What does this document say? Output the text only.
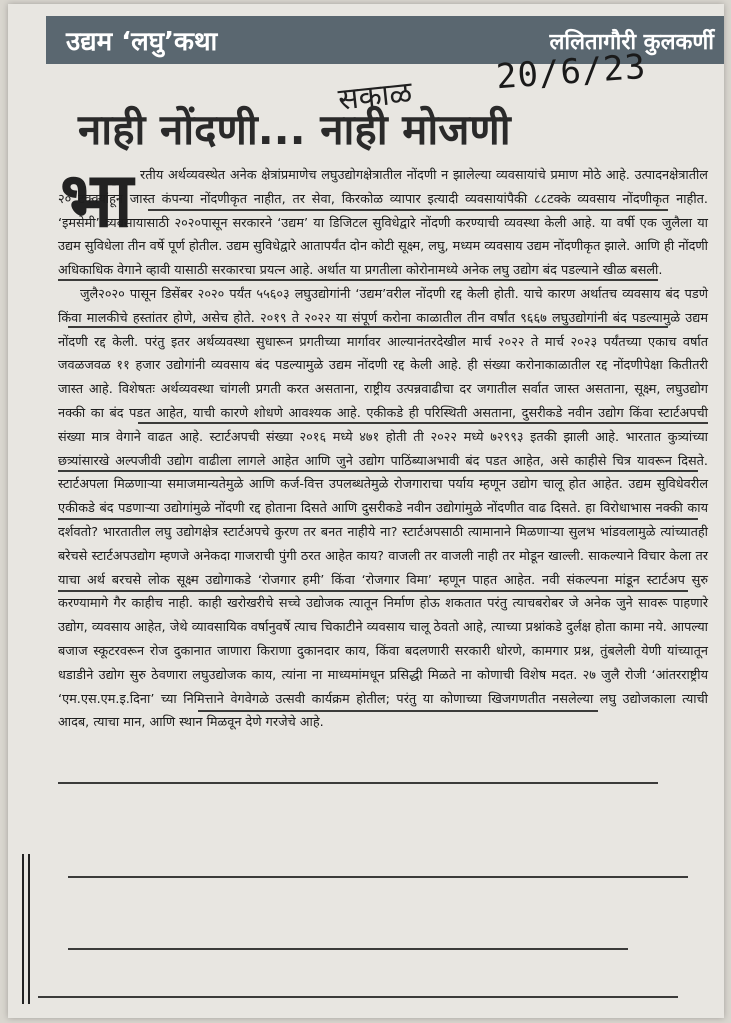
उद्यम ‘लघु’कथा	ललितागौरी कुलकर्णी
20/6/23
सकाळ
नाही नोंदणी... नाही मोजणी
भा रतीय अर्थव्यवस्थेत अनेक क्षेत्रांप्रमाणेच लघुउद्योगक्षेत्रातील नोंदणी न झालेल्या व्यवसायांचे प्रमाण मोठे आहे. उत्पादनक्षेत्रातील २० टक्क्यांहून जास्त कंपन्या नोंदणीकृत नाहीत, तर सेवा, किरकोळ व्यापार इत्यादी व्यवसायांपैकी ८८टक्के व्यवसाय नोंदणीकृत नाहीत. ‘इमसेमी’ व्यवसायासाठी २०२०पासून सरकारने ‘उद्यम’ या डिजिटल सुविधेद्वारे नोंदणी करण्याची व्यवस्था केली आहे. या वर्षी एक जुलैला या उद्यम सुविधेला तीन वर्षे पूर्ण होतील. उद्यम सुविधेद्वारे आतापर्यंत दोन कोटी सूक्ष्म, लघु, मध्यम व्यवसाय उद्यम नोंदणीकृत झाले. आणि ही नोंदणी अधिकाधिक वेगाने व्हावी यासाठी सरकारचा प्रयत्न आहे. अर्थात या प्रगतीला कोरोनामध्ये अनेक लघु उद्योग बंद पडल्याने खीळ बसली.

जुलै२०२० पासून डिसेंबर २०२० पर्यंत ५५६०३ लघुउद्योगांनी ‘उद्यम’वरील नोंदणी रद्द केली होती. याचे कारण अर्थातच व्यवसाय बंद पडणे किंवा मालकीचे हस्तांतर होणे, असेच होते. २०१९ ते २०२२ या संपूर्ण करोना काळातील तीन वर्षांत ९६६७ लघुउद्योगांनी बंद पडल्यामुळे उद्यम नोंदणी रद्द केली. परंतु इतर अर्थव्यवस्था सुधारून प्रगतीच्या मार्गावर आल्यानंतरदेखील मार्च २०२२ ते मार्च २०२३ पर्यंतच्या एकाच वर्षात जवळजवळ ११ हजार उद्योगांनी व्यवसाय बंद पडल्यामुळे उद्यम नोंदणी रद्द केली आहे. ही संख्या करोनाकाळातील रद्द नोंदणीपेक्षा कितीतरी जास्त आहे. विशेषतः अर्थव्यवस्था चांगली प्रगती करत असताना, राष्ट्रीय उत्पन्नवाढीचा दर जगातील सर्वात जास्त असताना, सूक्ष्म, लघुउद्योग नक्की का बंद पडत आहेत, याची कारणे शोधणे आवश्यक आहे. एकीकडे ही परिस्थिती असताना, दुसरीकडे नवीन उद्योग किंवा स्टार्टअपची संख्या मात्र वेगाने वाढत आहे. स्टार्टअपची संख्या २०१६ मध्ये ४७१ होती ती २०२२ मध्ये ७२९९३ इतकी झाली आहे. भारतात कुत्र्यांच्या छत्र्यांसारखे अल्पजीवी उद्योग वाढीला लागले आहेत आणि जुने उद्योग पाठिंब्याअभावी बंद पडत आहेत, असे काहीसे चित्र यावरून दिसते. स्टार्टअपला मिळणाऱ्या समाजमान्यतेमुळे आणि कर्ज-वित्त उपलब्धतेमुळे रोजगाराचा पर्याय म्हणून उद्योग चालू होत आहेत. उद्यम सुविधेवरील एकीकडे बंद पडणाऱ्या उद्योगांमुळे नोंदणी रद्द होताना दिसते आणि दुसरीकडे नवीन उद्योगांमुळे नोंदणीत वाढ दिसते. हा विरोधाभास नक्की काय दर्शवतो? भारतातील लघु उद्योगक्षेत्र स्टार्टअपचे कुरण तर बनत नाहीये ना? स्टार्टअपसाठी त्यामानाने मिळणाऱ्या सुलभ भांडवलामुळे त्यांच्यातही बरेचसे स्टार्टअपउद्योग म्हणजे अनेकदा गाजराची पुंगी ठरत आहेत काय? वाजली तर वाजली नाही तर मोडून खाल्ली. साकल्याने विचार केला तर याचा अर्थ बरचसे लोक सूक्ष्म उद्योगाकडे ‘रोजगार हमी’ किंवा ‘रोजगार विमा’ म्हणून पाहत आहेत. नवी संकल्पना मांडून स्टार्टअप सुरु करण्यामागे गैर काहीच नाही. काही खरोखरीचे सच्चे उद्योजक त्यातून निर्माण होऊ शकतात परंतु त्याचबरोबर जे अनेक जुने सावरू पाहणारे उद्योग, व्यवसाय आहेत, जेथे व्यावसायिक वर्षानुवर्षे त्याच चिकाटीने व्यवसाय चालू ठेवतो आहे, त्याच्या प्रश्नांकडे दुर्लक्ष होता कामा नये. आपल्या बजाज स्कूटरवरून रोज दुकानात जाणारा किराणा दुकानदार काय, किंवा बदलणारी सरकारी धोरणे, कामगार प्रश्न, तुंबलेली येणी यांच्यातून धडाडीने उद्योग सुरु ठेवणारा लघुउद्योजक काय, त्यांना ना माध्यमांमधून प्रसिद्धी मिळते ना कोणाची विशेष मदत. २७ जुलै रोजी ‘आंतरराष्ट्रीय ‘एम.एस.एम.इ.दिना’ च्या निमित्ताने वेगवेगळे उत्सवी कार्यक्रम होतील; परंतु या कोणाच्या खिजगणतीत नसलेल्या लघु उद्योजकाला त्याची आदब, त्याचा मान, आणि स्थान मिळवून देणे गरजेचे आहे.
